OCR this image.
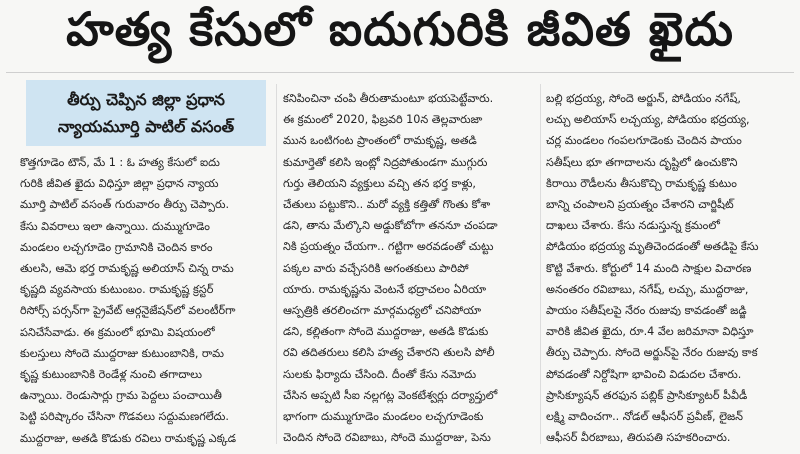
హత్య కేసులో ఐదుగురికి జీవిత ఖైదు
తీర్పు చెప్పిన జిల్లా ప్రధాన
న్యాయమూర్తి పాటిల్ వసంత్
కొత్తగూడెం టౌన్, మే 1 : ఓ హత్య కేసులో ఐదు
గురికి జీవిత ఖైదు విధిస్తూ జిల్లా ప్రధాన న్యాయ
మూర్తి పాటిల్ వసంత్ గురువారం తీర్పు చెప్పారు.
కేసు వివరాలు ఇలా ఉన్నాయి. దుమ్ముగూడెం
మండలం లచ్చగూడెం గ్రామానికి చెందిన కారం
తులసి, ఆమె భర్త రామకృష్ణ అలియాస్ చిన్న రామ
కృష్ణది వ్యవసాయ కుటుంబం. రామకృష్ణ క్రస్టర్
రిసోర్స్ పర్సన్‌గా ప్రైవేట్ ఆర్గనైజేషన్‌లో వలంటీర్‌గా
పనిచేసేవాడు. ఈ క్రమంలో భూమి విషయంలో
కులస్తులు సోందె ముద్దరాజు కుటుంబానికి, రామ
కృష్ణ కుటుంబానికి రెండేళ్ల నుంచి తగాదాలు
ఉన్నాయి. రెండుసార్లు గ్రామ పెద్దలు పంచాయితీ
పెట్టి పరిష్కారం చేసినా గొడవలు సద్దుమణగలేదు.
ముద్దరాజు, అతడి కొడుకు రవిలు రామకృష్ణ ఎక్కడ
కనిపించినా చంపి తీరుతామంటూ భయపెట్టేవారు.
ఈ క్రమంలో 2020, ఫిబ్రవరి 10న తెల్లవారుజా
మున ఒంటిగంట ప్రాంతంలో రామకృష్ణ, అతడి
కుమార్తెతో కలిసి ఇంట్లో నిద్రపోతుండగా ముగ్గురు
గుర్తు తెలియని వ్యక్తులు వచ్చి తన భర్త కాళ్లు,
చేతులు పట్టుకొని.. మరో వ్యక్తి కత్తితో గొంతు కోశా
డని, తాను మేల్కొని అడ్డుకోబోగా తననూ చంపడా
నికి ప్రయత్నం చేయగా.. గట్టిగా అరవడంతో చుట్టు
పక్కల వారు వచ్చేసరికి అగంతకులు పారిపో
యారు. రామకృష్ణను వెంటనే భద్రాచలం ఏరియా
ఆస్పత్రికి తరలించగా మార్గమధ్యలో చనిపోయా
డని, కల్లితంగా సోందె ముద్దరాజు, అతడి కొడుకు
రవి తదితరులు కలిసి హత్య చేశారని తులసి పోలీ
సులకు ఫిర్యాదు చేసింది. దీంతో కేసు నమోదు
చేసిన అప్పటి సీఐ నల్లగట్ల వెంకటేశ్వర్లు దర్యాప్తులో
భాగంగా దుమ్ముగూడెం మండలం లచ్చగూడెంకు
చెందిన సోందె రవిబాబు, సోందె ముద్దరాజు, పెను
బల్లి భద్రయ్య, సోందె అర్జున్, పోడియం నగేష్,
లచ్చు అలియాస్ లచ్చయ్య, పోడియం భద్రయ్య,
చర్ల మండలం గంపలగూడెంకు చెందిన పాయం
సతీష్‌లు భూ తగాదాలను దృష్టిలో ఉంచుకొని
కిరాయి రౌడీలను తీసుకొచ్చి రామకృష్ణ కుటుం
బాన్ని చంపాలని ప్రయత్నం చేశారని చార్జిషీట్
దాఖలు చేశారు. కేసు నడుస్తున్న క్రమంలో
పోడియం భద్రయ్య మృతిచెందడంతో అతడిపై కేసు
కొట్టి వేశారు. కోర్టులో 14 మంది సాక్షుల విచారణ
అనంతరం రవిబాబు, నగేష్, లచ్చు, ముద్దరాజు,
పాయం సతీష్‌లపై నేరం రుజువు కావడంతో జడ్జి
వారికి జీవిత ఖైదు, రూ.4 వేల జరిమానా విధిస్తూ
తీర్పు చెప్పారు. సోందె అర్జున్‌పై నేరం రుజువు కాక
పోవడంతో నిర్దోషిగా భావించి విడుదల చేశారు.
ప్రాసిక్యూషన్ తరఫున పబ్లిక్ ప్రాసిక్యూటర్ పీవీడీ
లక్ష్మి వాదించగా.. నోడల్ ఆఫీసర్ ప్రవీణ్, లైజన్
ఆఫీసర్ వీరబాబు, తిరుపతి సహకరించారు.
